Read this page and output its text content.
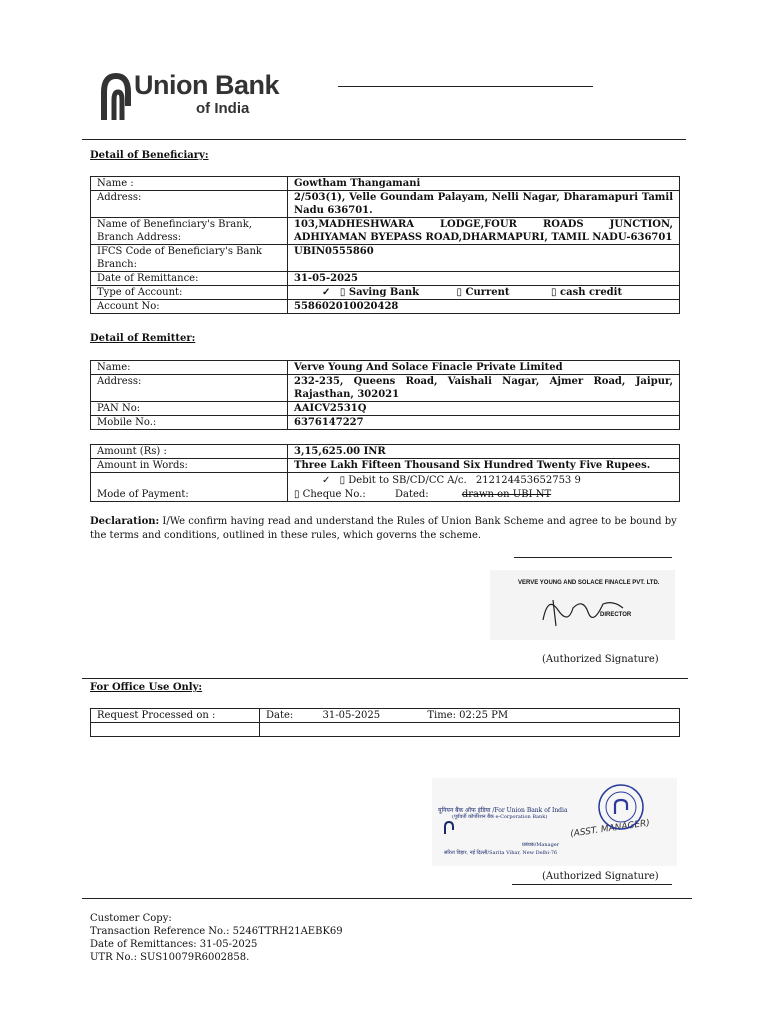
Union Bank
of India
Detail of Beneficiary:
Name :	Gowtham Thangamani
Address:	2/503(1), Velle Goundam Palayam, Nelli Nagar, Dharamapuri Tamil Nadu 636701.
Name of Benefinciary's Brank, Branch Address:	103,MADHESHWARA LODGE,FOUR ROADS JUNCTION, ADHIYAMAN BYEPASS ROAD,DHARMAPURI, TAMIL NADU-636701
IFCS Code of Beneficiary's Bank Branch:	UBIN0555860
Date of Remittance:	31-05-2025
Type of Account:	✓ ▯ Saving Bank ▯ Current ▯ cash credit
Account No:	558602010020428
Detail of Remitter:
Name:	Verve Young And Solace Finacle Private Limited
Address:	232-235, Queens Road, Vaishali Nagar, Ajmer Road, Jaipur, Rajasthan, 302021
PAN No:	AAICV2531Q
Mobile No.:	6376147227
Amount (Rs) :	3,15,625.00 INR
Amount in Words:	Three Lakh Fifteen Thousand Six Hundred Twenty Five Rupees.
Mode of Payment:	✓ ▯ Debit to SB/CD/CC A/c. 212124453652753 9
▯ Cheque No.: Dated: drawn on UBI NT
Declaration: I/We confirm having read and understand the Rules of Union Bank Scheme and agree to be bound by the terms and conditions, outlined in these rules, which governs the scheme.
VERVE YOUNG AND SOLACE FINACLE PVT. LTD.
DIRECTOR
(Authorized Signature)
For Office Use Only:
Request Processed on :	Date: 31-05-2025 Time: 02:25 PM

यूनियन बैंक ऑफ इंडिया /For Union Bank of India
(पूर्ववर्ती कॉर्पोरेशन बैंक e-Corporation Bank)
प्रबंधक/Manager
सरिता विहार, नई दिल्ली/Sarita Vihar, New Delhi-76
(ASST. MANAGER)
(Authorized Signature)
Customer Copy:
Transaction Reference No.: 5246TTRH21AEBK69
Date of Remittances: 31-05-2025
UTR No.: SUS10079R6002858.
